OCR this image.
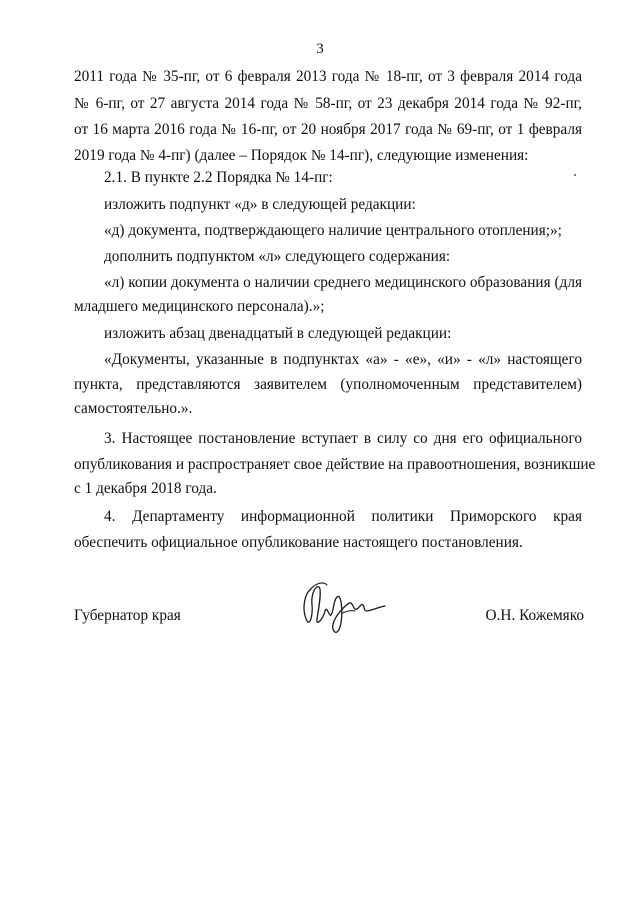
3
2011 года № 35-пг, от 6 февраля 2013 года № 18-пг, от 3 февраля 2014 года
№ 6-пг, от 27 августа 2014 года № 58-пг, от 23 декабря 2014 года № 92-пг,
от 16 марта 2016 года № 16-пг, от 20 ноября 2017 года № 69-пг, от 1 февраля
2019 года № 4-пг) (далее – Порядок № 14-пг), следующие изменения:
2.1. В пункте 2.2 Порядка № 14-пг:
изложить подпункт «д» в следующей редакции:
«д) документа, подтверждающего наличие центрального отопления;»;
дополнить подпунктом «л» следующего содержания:
«л) копии документа о наличии среднего медицинского образования (для
младшего медицинского персонала).»;
изложить абзац двенадцатый в следующей редакции:
«Документы, указанные в подпунктах «а» - «е», «и» - «л» настоящего
пункта, представляются заявителем (уполномоченным представителем)
самостоятельно.».
3. Настоящее постановление вступает в силу со дня его официального
опубликования и распространяет свое действие на правоотношения, возникшие
с 1 декабря 2018 года.
4. Департаменту информационной политики Приморского края
обеспечить официальное опубликование настоящего постановления.
Губернатор края	О.Н. Кожемяко
